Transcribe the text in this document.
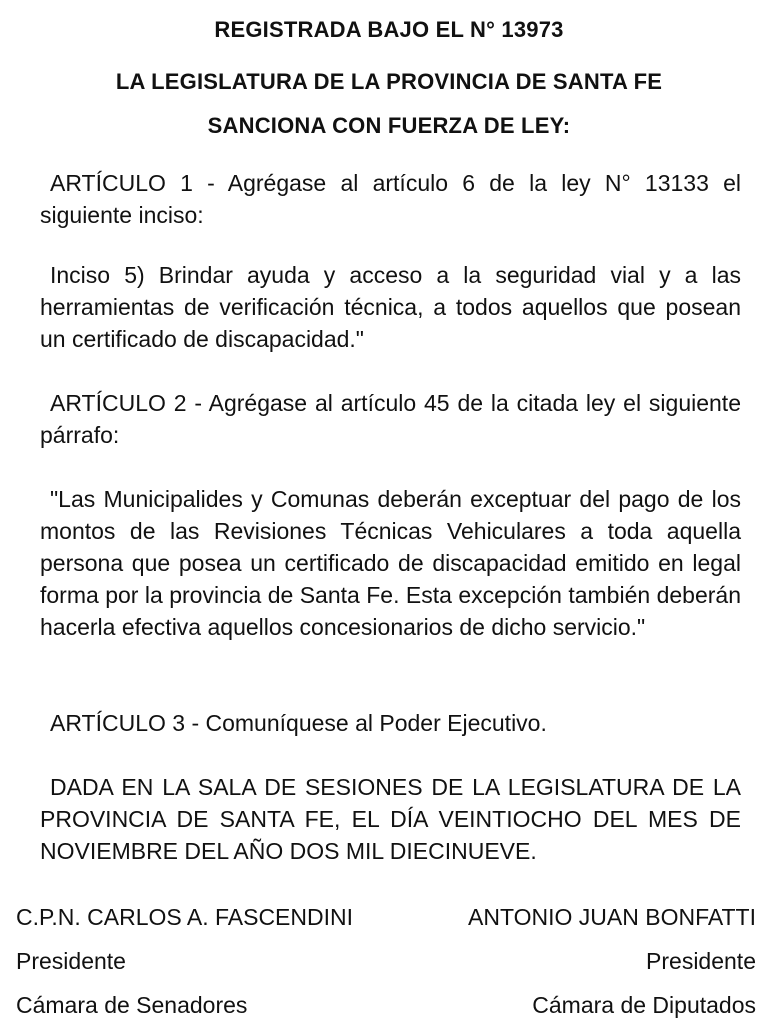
REGISTRADA BAJO EL N° 13973
LA LEGISLATURA DE LA PROVINCIA DE SANTA FE
SANCIONA CON FUERZA DE LEY:
ARTÍCULO 1 - Agrégase al artículo 6 de la ley N° 13133 el siguiente inciso:
Inciso 5) Brindar ayuda y acceso a la seguridad vial y a las herramientas de verificación técnica, a todos aquellos que posean un certificado de discapacidad."
ARTÍCULO 2 - Agrégase al artículo 45 de la citada ley el siguiente párrafo:
"Las Municipalides y Comunas deberán exceptuar del pago de los montos de las Revisiones Técnicas Vehiculares a toda aquella persona que posea un certificado de discapacidad emitido en legal forma por la provincia de Santa Fe. Esta excepción también deberán hacerla efectiva aquellos concesionarios de dicho servicio."
ARTÍCULO 3 - Comuníquese al Poder Ejecutivo.
DADA EN LA SALA DE SESIONES DE LA LEGISLATURA DE LA PROVINCIA DE SANTA FE, EL DÍA VEINTIOCHO DEL MES DE NOVIEMBRE DEL AÑO DOS MIL DIECINUEVE.
C.P.N. CARLOS A. FASCENDINI
Presidente
Cámara de Senadores
ANTONIO JUAN BONFATTI
Presidente
Cámara de Diputados
